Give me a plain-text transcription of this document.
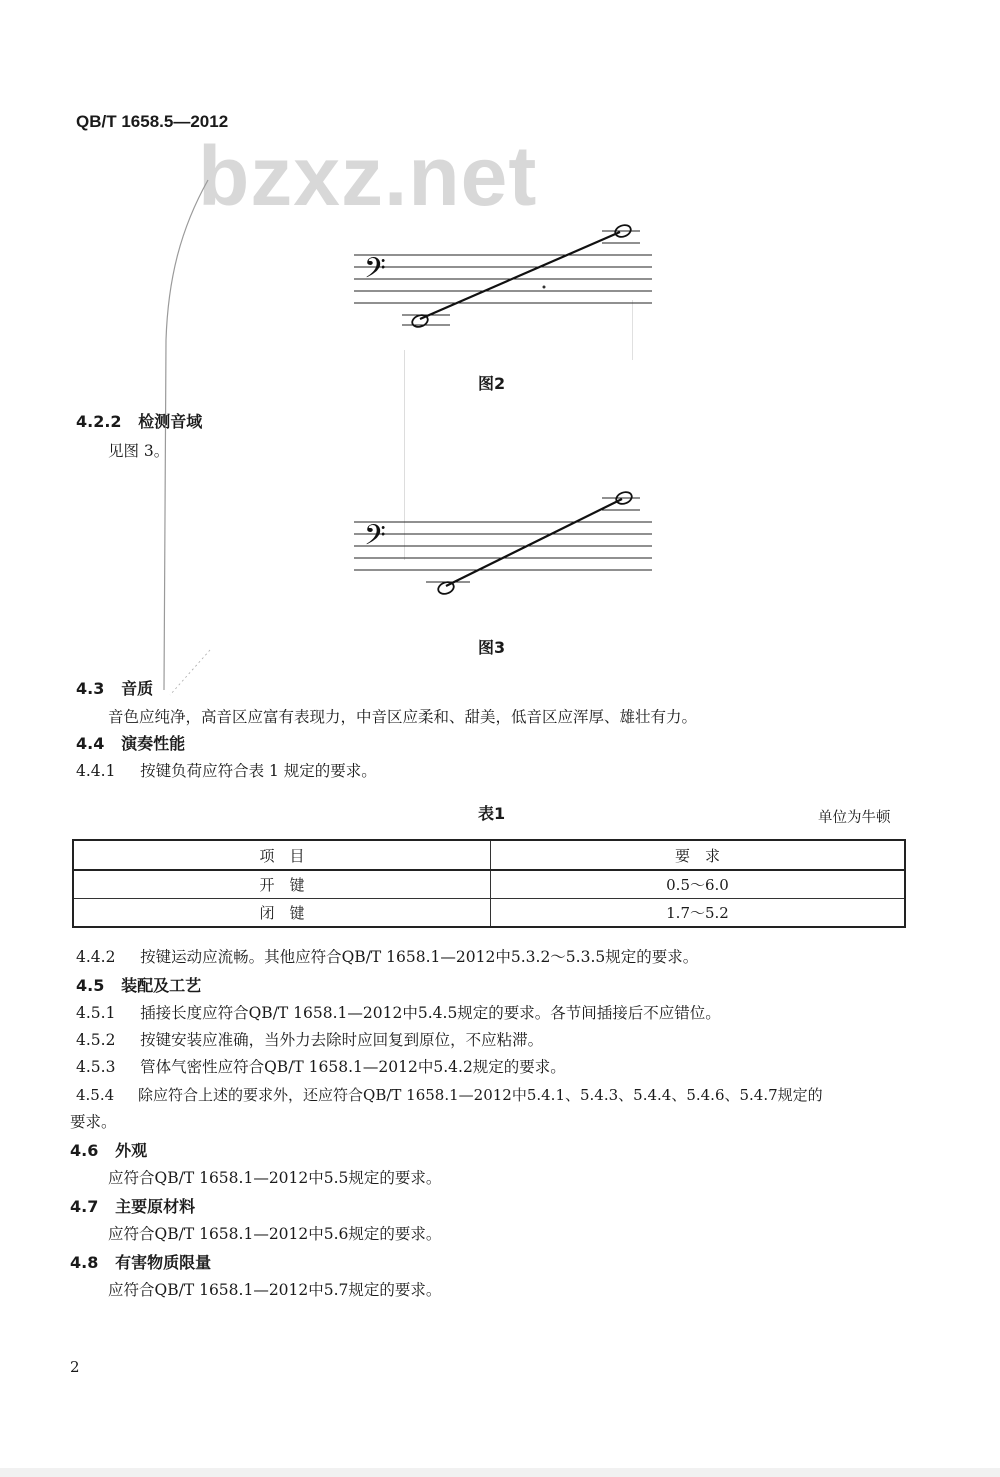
QB/T 1658.5—2012
bzxz.net
𝄢
图2
4.2.2 检测音域
见图 3。
𝄢
图3
4.3 音质
音色应纯净，高音区应富有表现力，中音区应柔和、甜美，低音区应浑厚、雄壮有力。
4.4 演奏性能
4.4.1 按键负荷应符合表 1 规定的要求。
表1	单位为牛顿
项　目	要　求
开　键	0.5～6.0
闭　键	1.7～5.2
4.4.2 按键运动应流畅。其他应符合QB/T 1658.1—2012中5.3.2～5.3.5规定的要求。
4.5 装配及工艺
4.5.1 插接长度应符合QB/T 1658.1—2012中5.4.5规定的要求。各节间插接后不应错位。
4.5.2 按键安装应准确，当外力去除时应回复到原位，不应粘滞。
4.5.3 管体气密性应符合QB/T 1658.1—2012中5.4.2规定的要求。
4.5.4 除应符合上述的要求外，还应符合QB/T 1658.1—2012中5.4.1、5.4.3、5.4.4、5.4.6、5.4.7规定的
要求。
4.6 外观
应符合QB/T 1658.1—2012中5.5规定的要求。
4.7 主要原材料
应符合QB/T 1658.1—2012中5.6规定的要求。
4.8 有害物质限量
应符合QB/T 1658.1—2012中5.7规定的要求。
2
